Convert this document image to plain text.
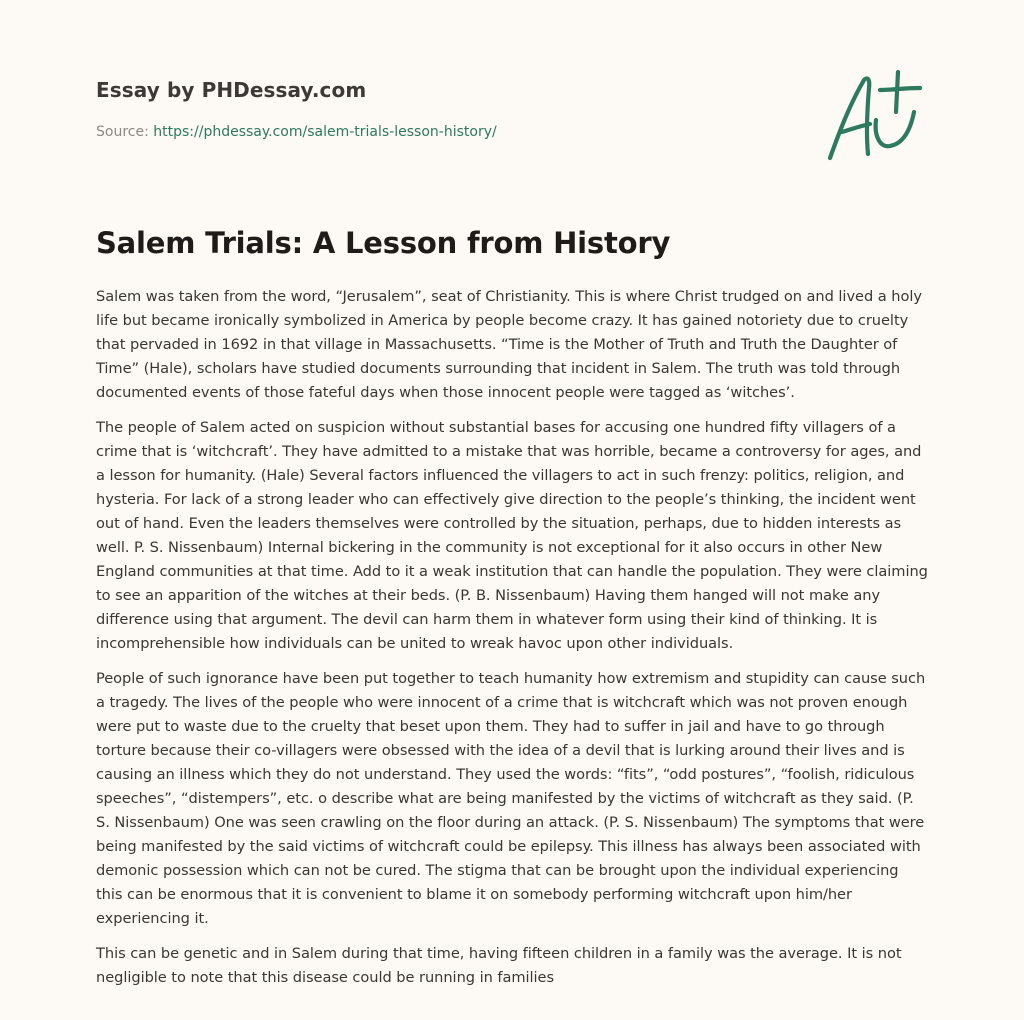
Essay by PHDessay.com
Source: https://phdessay.com/salem-trials-lesson-history/
Salem Trials: A Lesson from History

Salem was taken from the word, “Jerusalem”, seat of Christianity. This is where Christ trudged on and lived a holy life but became ironically symbolized in America by people become crazy. It has gained notoriety due to cruelty that pervaded in 1692 in that village in Massachusetts. “Time is the Mother of Truth and Truth the Daughter of Time” (Hale), scholars have studied documents surrounding that incident in Salem. The truth was told through documented events of those fateful days when those innocent people were tagged as ‘witches’.

The people of Salem acted on suspicion without substantial bases for accusing one hundred fifty villagers of a crime that is ‘witchcraft’. They have admitted to a mistake that was horrible, became a controversy for ages, and a lesson for humanity. (Hale) Several factors influenced the villagers to act in such frenzy: politics, religion, and hysteria. For lack of a strong leader who can effectively give direction to the people’s thinking, the incident went out of hand. Even the leaders themselves were controlled by the situation, perhaps, due to hidden interests as well. P. S. Nissenbaum) Internal bickering in the community is not exceptional for it also occurs in other New England communities at that time. Add to it a weak institution that can handle the population. They were claiming to see an apparition of the witches at their beds. (P. B. Nissenbaum) Having them hanged will not make any difference using that argument. The devil can harm them in whatever form using their kind of thinking. It is incomprehensible how individuals can be united to wreak havoc upon other individuals.

People of such ignorance have been put together to teach humanity how extremism and stupidity can cause such a tragedy. The lives of the people who were innocent of a crime that is witchcraft which was not proven enough were put to waste due to the cruelty that beset upon them. They had to suffer in jail and have to go through torture because their co-villagers were obsessed with the idea of a devil that is lurking around their lives and is causing an illness which they do not understand. They used the words: “fits”, “odd postures”, “foolish, ridiculous speeches”, “distempers”, etc. o describe what are being manifested by the victims of witchcraft as they said. (P. S. Nissenbaum) One was seen crawling on the floor during an attack. (P. S. Nissenbaum) The symptoms that were being manifested by the said victims of witchcraft could be epilepsy. This illness has always been associated with demonic possession which can not be cured. The stigma that can be brought upon the individual experiencing this can be enormous that it is convenient to blame it on somebody performing witchcraft upon him/her experiencing it.

This can be genetic and in Salem during that time, having fifteen children in a family was the average. It is not negligible to note that this disease could be running in families
